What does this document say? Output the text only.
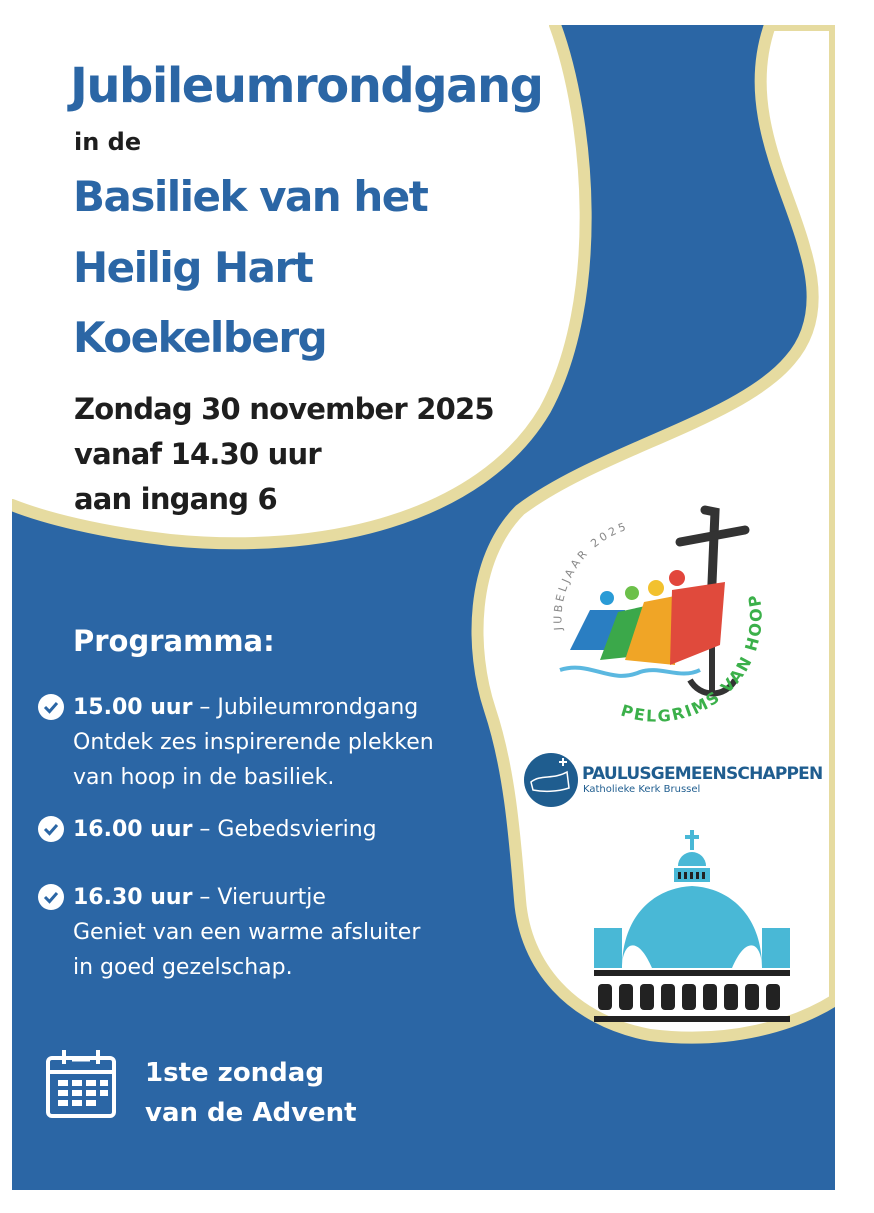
Jubileumrondgang
in de
Basiliek van het
Heilig Hart
Koekelberg
Zondag 30 november 2025
vanaf 14.30 uur
aan ingang 6
Programma:
15.00 uur – Jubileumrondgang
Ontdek zes inspirerende plekken
van hoop in de basiliek.
16.00 uur – Gebedsviering
16.30 uur – Vieruurtje
Geniet van een warme afsluiter
in goed gezelschap.
1ste zondag
van de Advent
JUBELJAAR 2025
PELGRIMS VAN HOOP
PAULUSGEMEENSCHAPPEN
Katholieke Kerk Brussel
